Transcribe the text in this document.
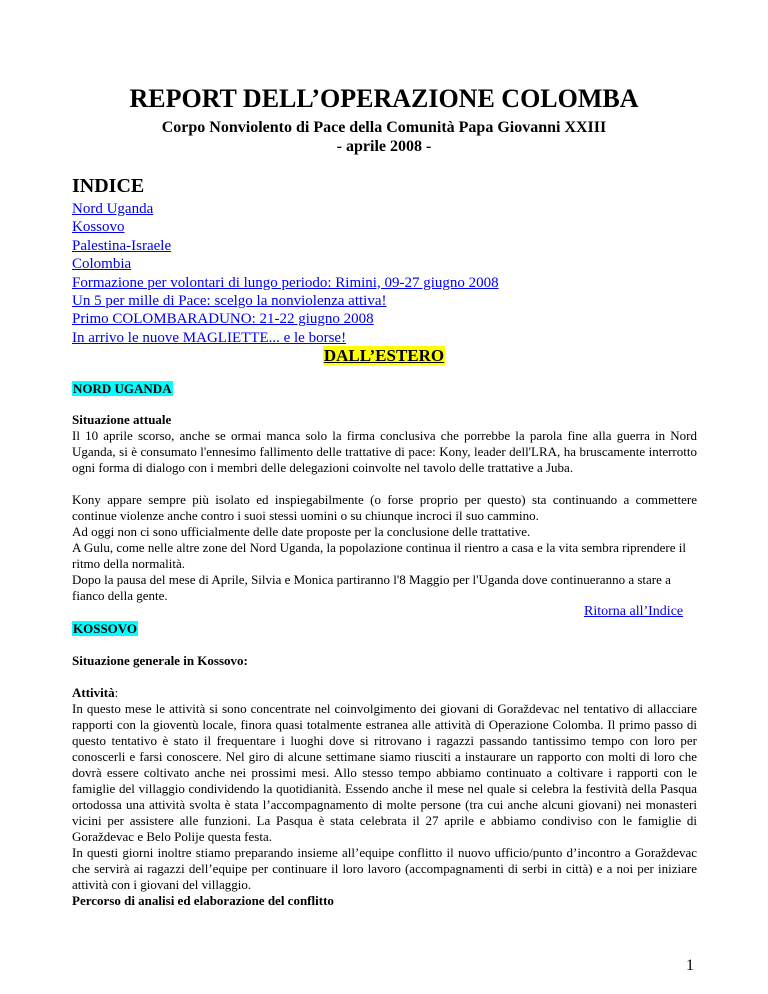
REPORT DELL’OPERAZIONE COLOMBA
Corpo Nonviolento di Pace della Comunità Papa Giovanni XXIII
- aprile 2008 -
INDICE
Nord Uganda
Kossovo
Palestina-Israele
Colombia
Formazione per volontari di lungo periodo: Rimini, 09-27 giugno 2008
Un 5 per mille di Pace: scelgo la nonviolenza attiva!
Primo COLOMBARADUNO: 21-22 giugno 2008
In arrivo le nuove MAGLIETTE... e le borse!
DALL’ESTERO
NORD UGANDA
Situazione attuale

Il 10 aprile scorso, anche se ormai manca solo la firma conclusiva che porrebbe la parola fine alla guerra in Nord Uganda, si è consumato l'ennesimo fallimento delle trattative di pace: Kony, leader dell'LRA, ha bruscamente interrotto ogni forma di dialogo con i membri delle delegazioni coinvolte nel tavolo delle trattative a Juba.

Kony appare sempre più isolato ed inspiegabilmente (o forse proprio per questo) sta continuando a commettere continue violenze anche contro i suoi stessi uomini o su chiunque incroci il suo cammino.

Ad oggi non ci sono ufficialmente delle date proposte per la conclusione delle trattative.

A Gulu, come nelle altre zone del Nord Uganda, la popolazione continua il rientro a casa e la vita sembra riprendere il ritmo della normalità.

Dopo la pausa del mese di Aprile, Silvia e Monica partiranno l'8 Maggio per l'Uganda dove continueranno a stare a fianco della gente.

Ritorna all’Indice
KOSSOVO
Situazione generale in Kossovo:
Attività:

In questo mese le attività si sono concentrate nel coinvolgimento dei giovani di Goraždevac nel tentativo di allacciare rapporti con la gioventù locale, finora quasi totalmente estranea alle attività di Operazione Colomba. Il primo passo di questo tentativo è stato il frequentare i luoghi dove si ritrovano i ragazzi passando tantissimo tempo con loro per conoscerli e farsi conoscere. Nel giro di alcune settimane siamo riusciti a instaurare un rapporto con molti di loro che dovrà essere coltivato anche nei prossimi mesi. Allo stesso tempo abbiamo continuato a coltivare i rapporti con le famiglie del villaggio condividendo la quotidianità. Essendo anche il mese nel quale si celebra la festività della Pasqua ortodossa una attività svolta è stata l’accompagnamento di molte persone (tra cui anche alcuni giovani) nei monasteri vicini per assistere alle funzioni. La Pasqua è stata celebrata il 27 aprile e abbiamo condiviso con le famiglie di Goraždevac e Belo Polije questa festa.

In questi giorni inoltre stiamo preparando insieme all’equipe conflitto il nuovo ufficio/punto d’incontro a Goraždevac che servirà ai ragazzi dell’equipe per continuare il loro lavoro (accompagnamenti di serbi in città) e a noi per iniziare attività con i giovani del villaggio.

Percorso di analisi ed elaborazione del conflitto
1
